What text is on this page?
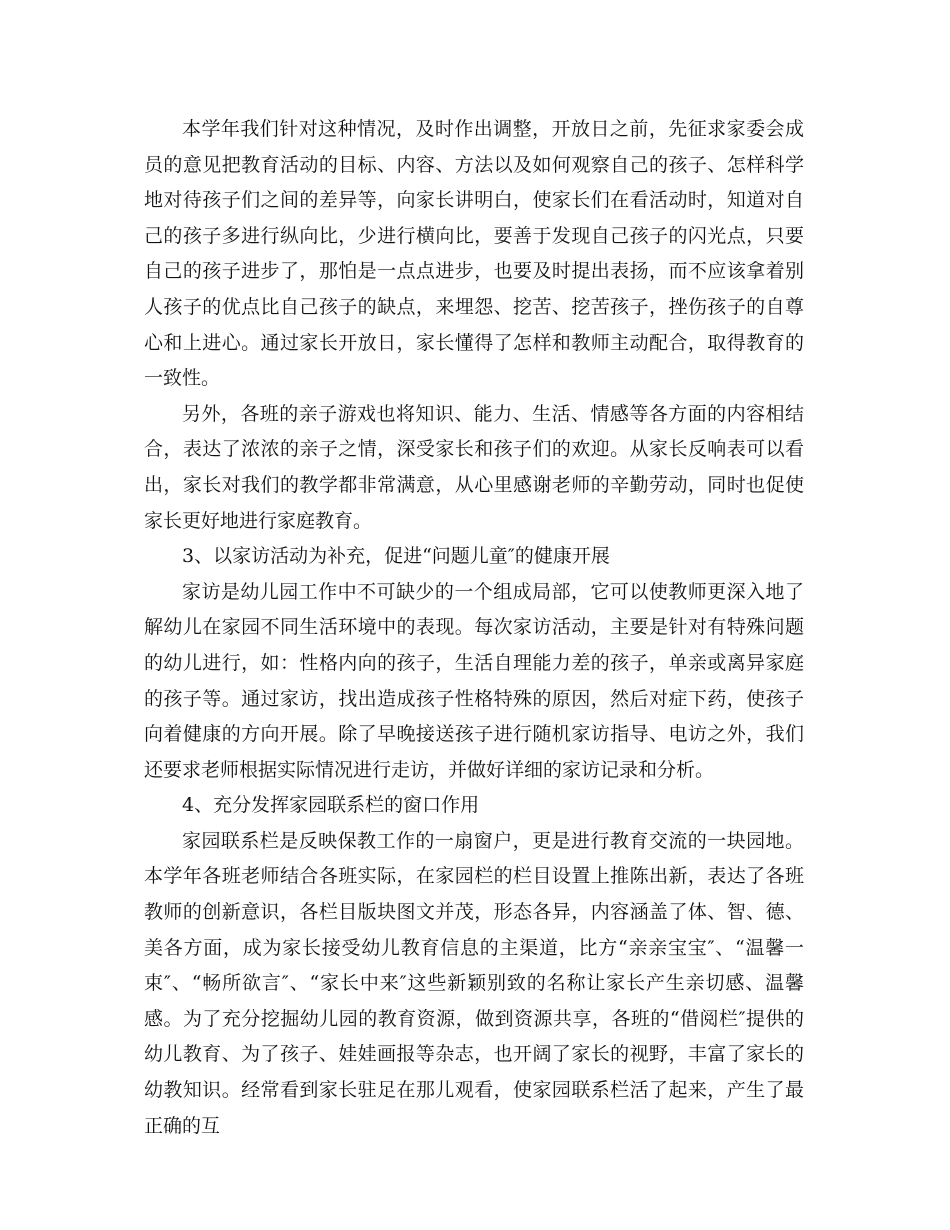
本学年我们针对这种情况，及时作出调整，开放日之前，先征求家委会成员的意见把教育活动的目标、内容、方法以及如何观察自己的孩子、怎样科学地对待孩子们之间的差异等，向家长讲明白，使家长们在看活动时，知道对自己的孩子多进行纵向比，少进行横向比，要善于发现自己孩子的闪光点，只要自己的孩子进步了，那怕是一点点进步，也要及时提出表扬，而不应该拿着别人孩子的优点比自己孩子的缺点，来埋怨、挖苦、挖苦孩子，挫伤孩子的自尊心和上进心。通过家长开放日，家长懂得了怎样和教师主动配合，取得教育的一致性。

另外，各班的亲子游戏也将知识、能力、生活、情感等各方面的内容相结合，表达了浓浓的亲子之情，深受家长和孩子们的欢迎。从家长反响表可以看出，家长对我们的教学都非常满意，从心里感谢老师的辛勤劳动，同时也促使家长更好地进行家庭教育。

3、以家访活动为补充，促进“问题儿童″的健康开展

家访是幼儿园工作中不可缺少的一个组成局部，它可以使教师更深入地了解幼儿在家园不同生活环境中的表现。每次家访活动，主要是针对有特殊问题的幼儿进行，如：性格内向的孩子，生活自理能力差的孩子，单亲或离异家庭的孩子等。通过家访，找出造成孩子性格特殊的原因，然后对症下药，使孩子向着健康的方向开展。除了早晚接送孩子进行随机家访指导、电访之外，我们还要求老师根据实际情况进行走访，并做好详细的家访记录和分析。

4、充分发挥家园联系栏的窗口作用

家园联系栏是反映保教工作的一扇窗户，更是进行教育交流的一块园地。本学年各班老师结合各班实际，在家园栏的栏目设置上推陈出新，表达了各班教师的创新意识，各栏目版块图文并茂，形态各异，内容涵盖了体、智、德、美各方面，成为家长接受幼儿教育信息的主渠道，比方“亲亲宝宝″、“温馨一束″、“畅所欲言″、“家长中来″这些新颖别致的名称让家长产生亲切感、温馨感。为了充分挖掘幼儿园的教育资源，做到资源共享，各班的“借阅栏″提供的幼儿教育、为了孩子、娃娃画报等杂志，也开阔了家长的视野，丰富了家长的幼教知识。经常看到家长驻足在那儿观看，使家园联系栏活了起来，产生了最正确的互
